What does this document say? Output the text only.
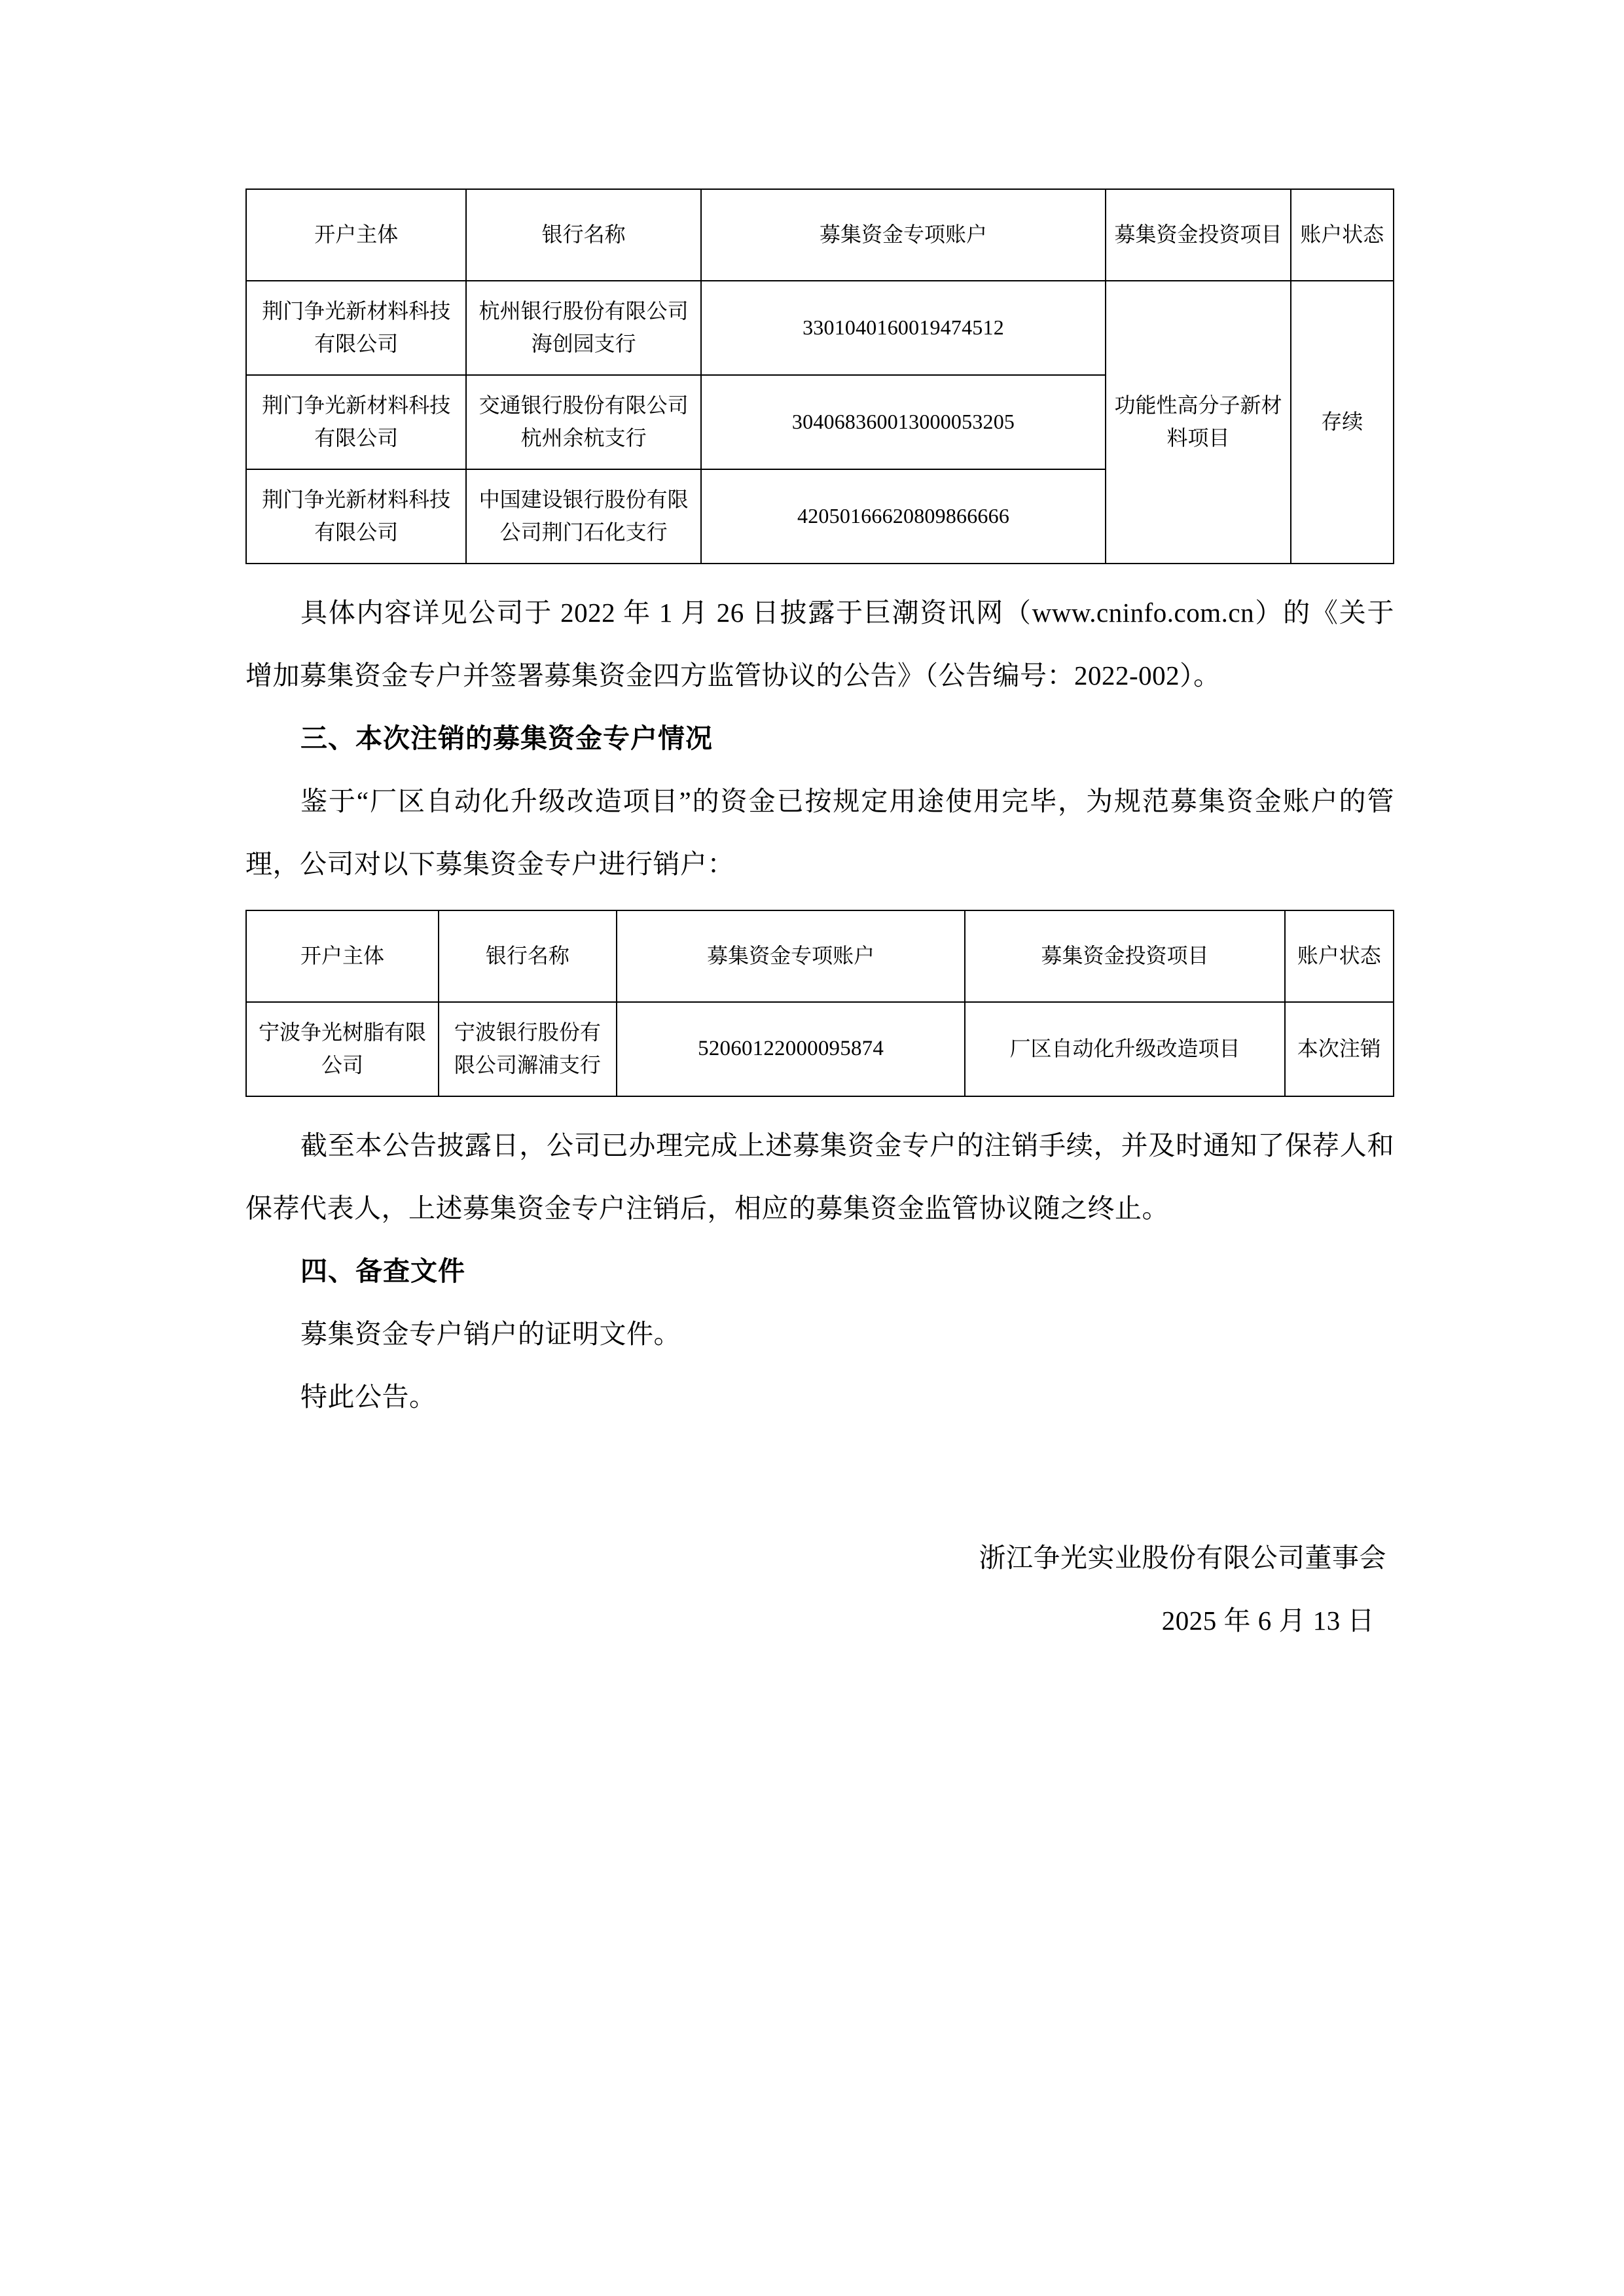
开户主体	银行名称	募集资金专项账户	募集资金投资项目	账户状态
荆门争光新材料科技有限公司	杭州银行股份有限公司海创园支行	3301040160019474512	功能性高分子新材料项目	存续
荆门争光新材料科技有限公司	交通银行股份有限公司杭州余杭支行	304068360013000053205		
荆门争光新材料科技有限公司	中国建设银行股份有限公司荆门石化支行	42050166620809866666		

具体内容详见公司于 2022 年 1 月 26 日披露于巨潮资讯网（www.cninfo.com.cn）的《关于增加募集资金专户并签署募集资金四方监管协议的公告》（公告编号：2022-002）。

三、本次注销的募集资金专户情况

鉴于“厂区自动化升级改造项目”的资金已按规定用途使用完毕，为规范募集资金账户的管理，公司对以下募集资金专户进行销户：

开户主体	银行名称	募集资金专项账户	募集资金投资项目	账户状态
宁波争光树脂有限公司	宁波银行股份有限公司澥浦支行	52060122000095874	厂区自动化升级改造项目	本次注销

截至本公告披露日，公司已办理完成上述募集资金专户的注销手续，并及时通知了保荐人和保荐代表人，上述募集资金专户注销后，相应的募集资金监管协议随之终止。

四、备查文件

募集资金专户销户的证明文件。

特此公告。

浙江争光实业股份有限公司董事会
2025 年 6 月 13 日
